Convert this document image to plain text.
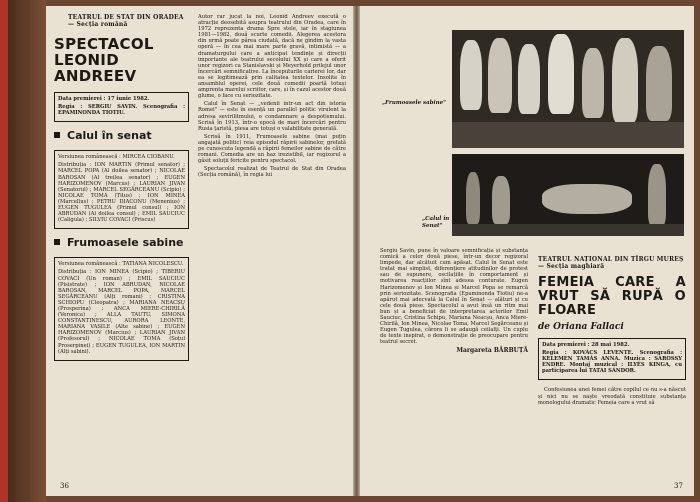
TEATRUL DE STAT DIN ORADEA
— Secția română
SPECTACOL LEONID ANDREEV

Data premierei : 17 iunie 1982.

Regia : SERGIU SAVIN. Scenografia : EPAMINONDA TIOTIU.

Calul în senat

Versiunea românească : MIRCEA CIOBANU.

Distribuția : ION MARTIN (Primul senator) ; MARCEL POPA (Al doilea senator) ; NICOLAE BAROSAN (Al treilea senator) ; EUGEN HARIZOMENOV (Marcus) ; LAURIAN JIVAN (Senatorul) ; MARCEL SEGĂRCEANU (Scipio) ; NICOLAE TOMA (Titus) ; ION MINEA (Marcellus) ; PETRU DIACONU (Menenius) ; EUGEN TUGULEA (Primul consul) ; ION ABRUDAN (Al doilea consul) ; EMIL SAUCIUC (Caligula) ; SILVIU COVACI (Priscus)

Frumoasele sabine

Versiunea românească : TATIANA NICOLESCU.

Distribuția : ION MINEA (Scipio) ; TIBERIU COVACI (Un roman) ; EMIL SAUCIUC (Pisistrate) ; ION ABRUDAN, NICOLAE BAROSAN, MARCEL POPA, MARCEL SEGĂRCEANU (Alți romani) ; CRISTINA SCHIOPU (Cleopatra) ; MARIANA NEACȘU (Prosperina) ; ANCA MIERE-CHIRILĂ (Veronica) ; ALLA TAUTU, SIMONA CONSTANTINESCU, AURORA LEONTE, MARIANA VASILE (Alte sabine) ; EUGEN HARIZOMENOV (Marcius) ; LAURIAN JIVAN (Profesorul) ; NICOLAE TOMA (Soțul Proserpinei) ; EUGEN TUGULEA, ION MARTIN (Alți sabini).

Autor rar jucat la noi, Leonid Andreev execută o atracție deosebită asupra teatrului din Oradea, care în 1972 reprezenta drama Spre stele, iar în stagiunea 1981—1982, două scurte comedii. Alegerea acestora din urmă poate părea ciudată, dacă ne gîndim la vasta operă — în cea mai mare parte gravă, intimistă — a dramaturgului care a anticipat tendințe și direcții importante ale teatrului secolului XX și care a oferit unor regizori ca Stanislavski și Meyerhold prilejul unor încercări semnificative. La începuturile carierei lor, dar ea se legitimează prin calitatea textelor. Insolite în ansamblul operei, cele două comedii poartă totuși amprenta marelui scriitor, care, și în cazul acestor două glume, o face cu seriozitate.

Calul în Senat — „vedenii intr-un act din istoria Romei" — este în esență un parallel politic virulent la adresa sevirilitmului, o condamnare a despotismului. Scrisă în 1913, într-o epocă de mari încercări pentru Rusia țaristă, piesa are totuși o valabilitate generală.

Scrisă în 1911, Frumoasele sabine (mai puțin angajată politic) reia episodul răpirii sabinelor, grefată pe cunoscuta legendă a răpirii femeilor sabine de către romani. Comedia are un haz irezistibil, iar regizorul a găsit soluții fericite pentru spectacol.

Spectacolul realizat de Teatrul de Stat din Oradea (Secția română), în regia lui

36
„Frumoasele sabine"
„Calul în Senat"

Sergiu Savin, pune în valoare semnificația și substanța comică a celor două piese, într-un decor regizoral limpede, dar alcătuit cum apăsat. Calul în Senat este tratat mai simplist, diferențiere atitudinilor de protest sau de supunere, oscilațiile în comportament și motivarea reacțiilor sînt adesea conturate. Eugen Harizomenov și Ion Minea și Marcel Popa se remarcă prin seriozitate. Scenografia (Epaminonda Tiotiu) ne-a apărut mai adecvată la Calul în Senat — alături și cu cele două piese. Spectacolul a avut însă un ritm mai bun și a beneficiat de interpretarea actorilor Emil Sauciuc, Cristina Schipu, Mariana Neacșu, Anca Miere-Chirilă, Ion Minea, Nicolae Toma, Marcel Segărceanu și Eugen Tugulea, cărora li se adaugă ceilalți. Un cuplu de texte inspirat, o demonstrație de preocupare pentru teatrul secret.

Margareta BĂRBUȚĂ
TEATRUL NAȚIONAL DIN TÎRGU MUREȘ
— Secția maghiară
FEMEIA CARE A VRUT SĂ RUPĂ O FLOARE
de Oriana Fallaci

Data premierei : 28 mai 1982.

Regia : KOVÁCS LEVENTE. Scenografia : KELEMEN TAMÁS ANNA. Muzica : SÁROSSY ENDRE. Montaj muzical : ILYÉS KINGA, cu participarea lui TATAI SÁNDOR.

Confesiunea unei femei către copilul ce nu s-a născut și nici nu se naște vreodată constituie substanța monologului dramatic Femeia care a vrut să

37
